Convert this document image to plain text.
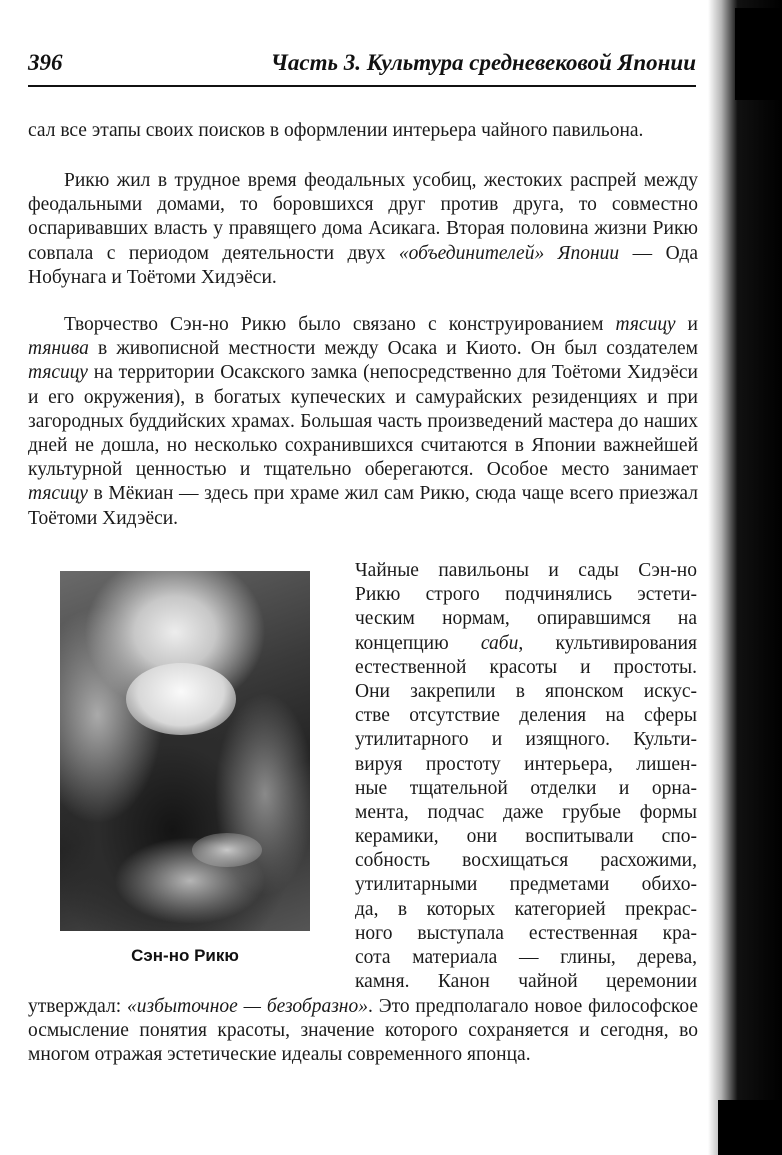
396	Часть 3. Культура средневековой Японии

сал все этапы своих поисков в оформлении интерьера чайного павильона.

Рикю жил в трудное время феодальных усобиц, жестоких распрей между феодальными домами, то боровшихся друг против друга, то совместно оспаривавших власть у правящего дома Асикага. Вторая половина жизни Рикю совпала с периодом деятельности двух «объединителей» Японии — Ода Нобунага и Тоётоми Хидэёси.

Творчество Сэн-но Рикю было связано с конструированием тясицу и тянива в живописной местности между Осака и Киото. Он был создателем тясицу на территории Осакского замка (непосредственно для Тоётоми Хидэёси и его окружения), в богатых купеческих и самурайских резиденциях и при загородных буддийских храмах. Большая часть произведений мастера до наших дней не дошла, но несколько сохранившихся считаются в Японии важнейшей культурной ценностью и тщательно оберегаются. Особое место занимает тясицу в Мёкиан — здесь при храме жил сам Рикю, сюда чаще всего приезжал Тоётоми Хидэёси.

Сэн-но Рикю
Чайные павильоны и сады Сэн-но
Рикю строго подчинялись эстети-
ческим нормам, опиравшимся на
концепцию саби, культивирования
естественной красоты и простоты.
Они закрепили в японском искус-
стве отсутствие деления на сферы
утилитарного и изящного. Культи-
вируя простоту интерьера, лишен-
ные тщательной отделки и орна-
мента, подчас даже грубые формы
керамики, они воспитывали спо-
собность восхищаться расхожими,
утилитарными предметами обихо-
да, в которых категорией прекрас-
ного выступала естественная кра-
сота материала — глины, дерева,
камня. Канон чайной церемонии

утверждал: «избыточное — безобразно». Это предполагало новое философское осмысление понятия красоты, значение которого сохраняется и сегодня, во многом отражая эстетические идеалы современного японца.
